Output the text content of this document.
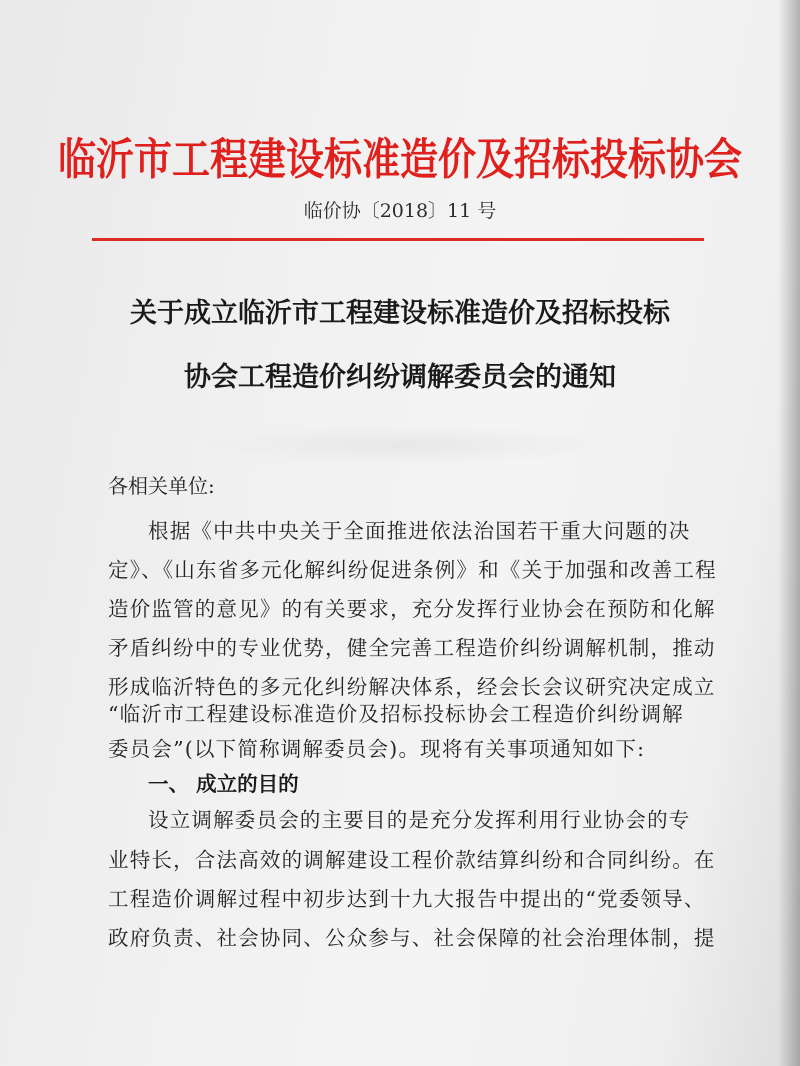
临沂市工程建设标准造价及招标投标协会
临价协〔2018〕11 号
关于成立临沂市工程建设标准造价及招标投标
协会工程造价纠纷调解委员会的通知
各相关单位:
根据《中共中央关于全面推进依法治国若干重大问题的决
定》、《山东省多元化解纠纷促进条例》和《关于加强和改善工程
造价监管的意见》的有关要求，充分发挥行业协会在预防和化解
矛盾纠纷中的专业优势，健全完善工程造价纠纷调解机制，推动
形成临沂特色的多元化纠纷解决体系，经会长会议研究决定成立
“临沂市工程建设标准造价及招标投标协会工程造价纠纷调解
委员会”(以下简称调解委员会)。现将有关事项通知如下:
一、 成立的目的
设立调解委员会的主要目的是充分发挥利用行业协会的专
业特长，合法高效的调解建设工程价款结算纠纷和合同纠纷。在
工程造价调解过程中初步达到十九大报告中提出的“党委领导、
政府负责、社会协同、公众参与、社会保障的社会治理体制，提
